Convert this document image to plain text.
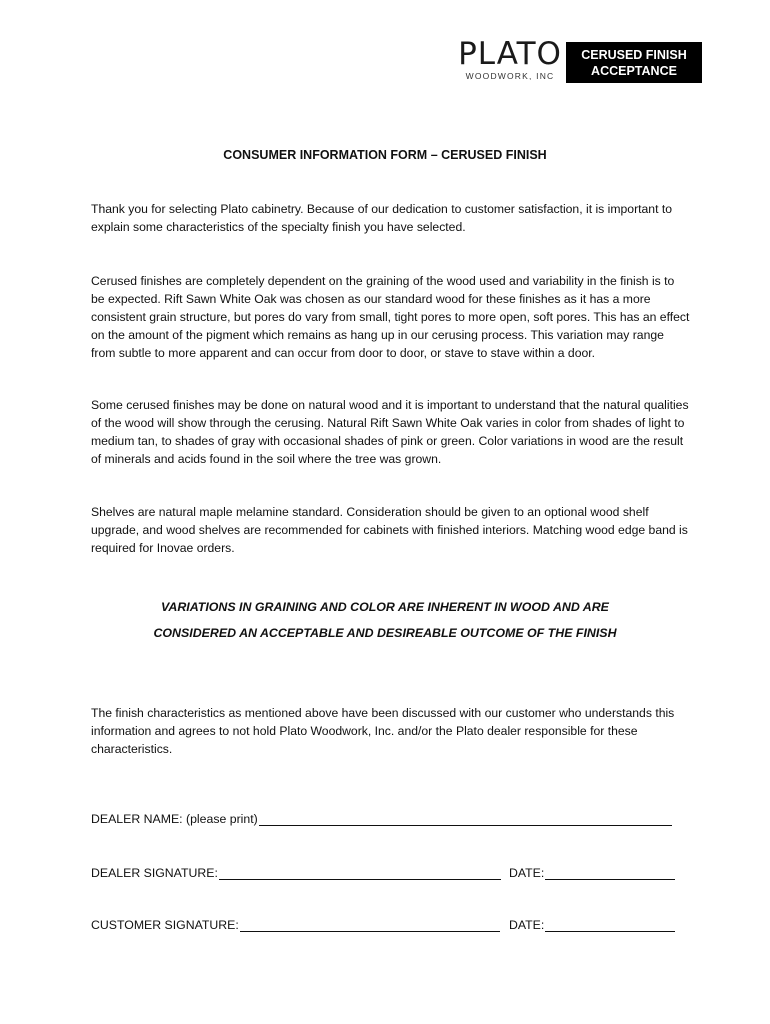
PLATO
WOODWORK, INC
CERUSED FINISH
ACCEPTANCE
CONSUMER INFORMATION FORM – CERUSED FINISH
Thank you for selecting Plato cabinetry. Because of our dedication to customer satisfaction, it is important to explain some characteristics of the specialty finish you have selected.
Cerused finishes are completely dependent on the graining of the wood used and variability in the finish is to be expected. Rift Sawn White Oak was chosen as our standard wood for these finishes as it has a more consistent grain structure, but pores do vary from small, tight pores to more open, soft pores. This has an effect on the amount of the pigment which remains as hang up in our cerusing process. This variation may range from subtle to more apparent and can occur from door to door, or stave to stave within a door.
Some cerused finishes may be done on natural wood and it is important to understand that the natural qualities of the wood will show through the cerusing. Natural Rift Sawn White Oak varies in color from shades of light to medium tan, to shades of gray with occasional shades of pink or green. Color variations in wood are the result of minerals and acids found in the soil where the tree was grown.
Shelves are natural maple melamine standard. Consideration should be given to an optional wood shelf upgrade, and wood shelves are recommended for cabinets with finished interiors. Matching wood edge band is required for Inovae orders.
VARIATIONS IN GRAINING AND COLOR ARE INHERENT IN WOOD AND ARE
CONSIDERED AN ACCEPTABLE AND DESIREABLE OUTCOME OF THE FINISH
The finish characteristics as mentioned above have been discussed with our customer who understands this information and agrees to not hold Plato Woodwork, Inc. and/or the Plato dealer responsible for these characteristics.
DEALER NAME: (please print)
DEALER SIGNATURE:	DATE:
CUSTOMER SIGNATURE:	DATE:
